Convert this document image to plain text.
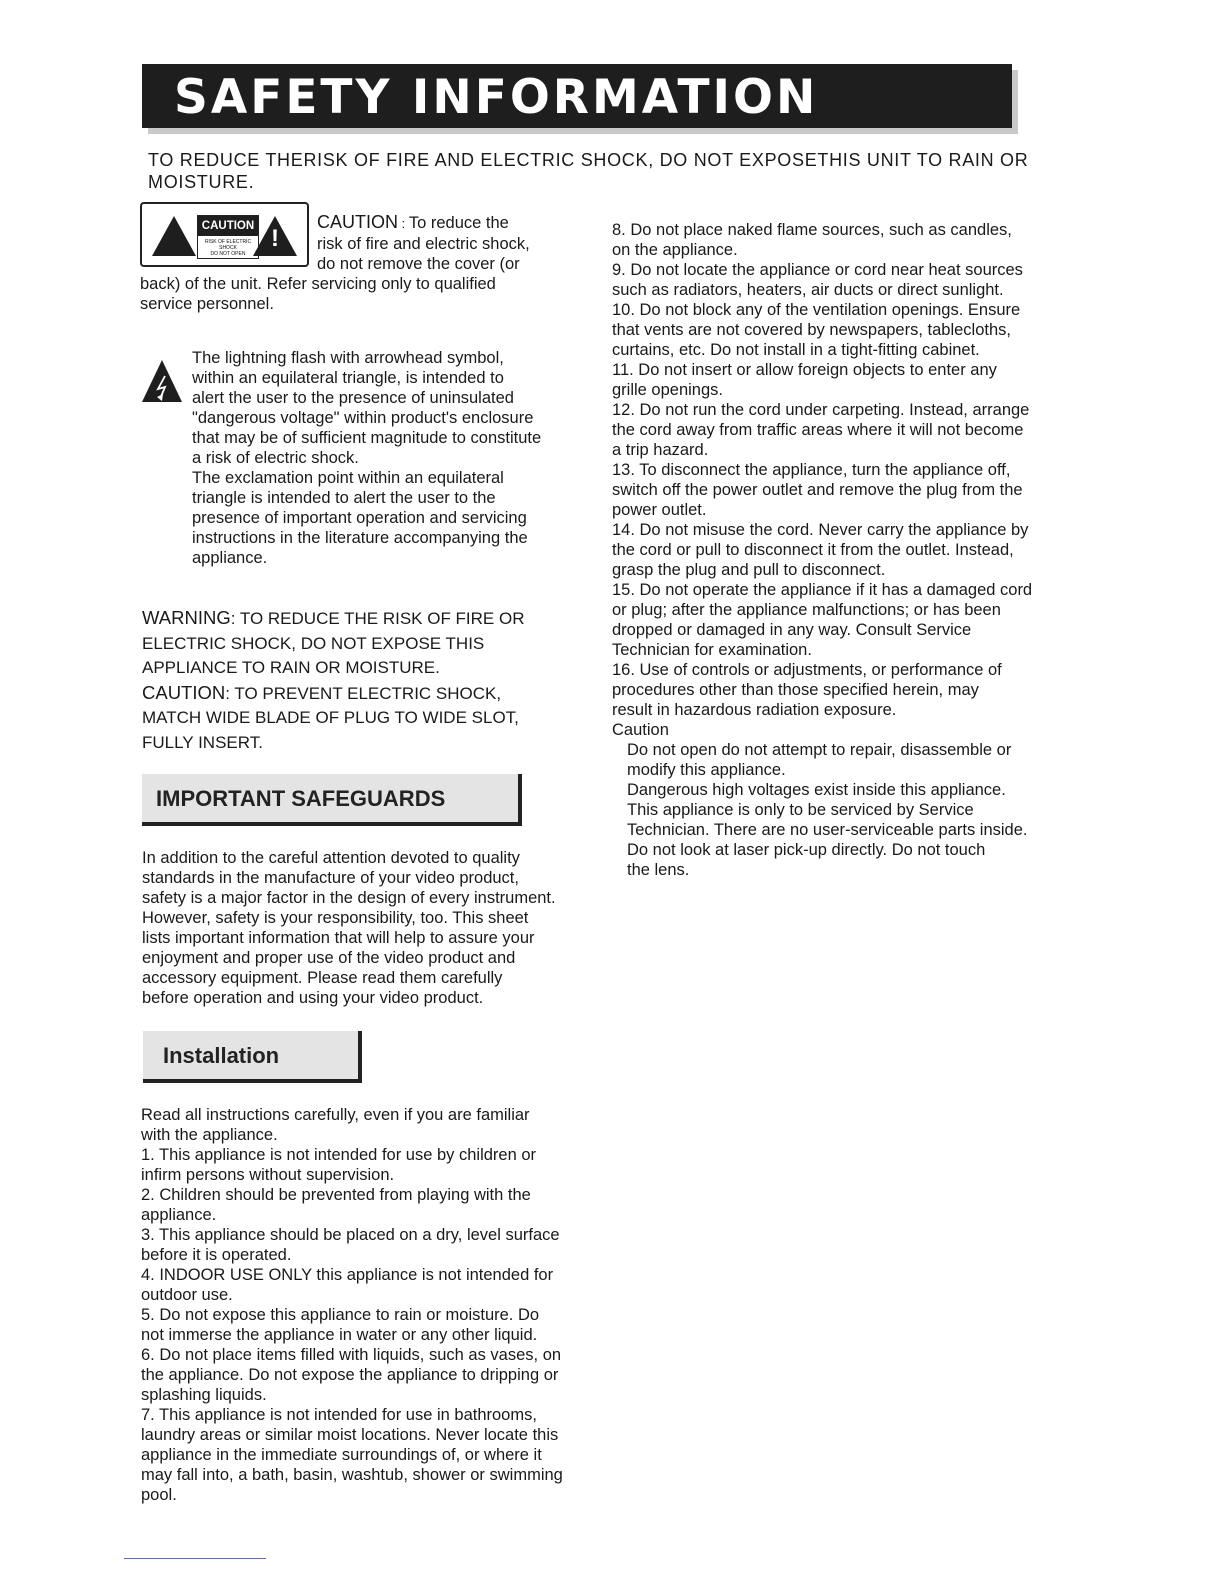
SAFETY INFORMATION
TO REDUCE THERISK OF FIRE AND ELECTRIC SHOCK, DO NOT EXPOSETHIS UNIT TO RAIN OR MOISTURE.
CAUTION
RISK OF ELECTRIC SHOCK
DO NOT OPEN
!
CAUTION : To reduce the
risk of fire and electric shock,
do not remove the cover (or
back) of the unit. Refer servicing only to qualified
service personnel.
The lightning flash with arrowhead symbol,
within an equilateral triangle, is intended to
alert the user to the presence of uninsulated
"dangerous voltage" within product's enclosure
that may be of sufficient magnitude to constitute
a risk of electric shock.
The exclamation point within an equilateral
triangle is intended to alert the user to the
presence of important operation and servicing
instructions in the literature accompanying the
appliance.
WARNING: TO REDUCE THE RISK OF FIRE OR
ELECTRIC SHOCK, DO NOT EXPOSE THIS
APPLIANCE TO RAIN OR MOISTURE.
CAUTION: TO PREVENT ELECTRIC SHOCK,
MATCH WIDE BLADE OF PLUG TO WIDE SLOT,
FULLY INSERT.
IMPORTANT SAFEGUARDS
In addition to the careful attention devoted to quality
standards in the manufacture of your video product,
safety is a major factor in the design of every instrument.
However, safety is your responsibility, too. This sheet
lists important information that will help to assure your
enjoyment and proper use of the video product and
accessory equipment. Please read them carefully
before operation and using your video product.
Installation
Read all instructions carefully, even if you are familiar
with the appliance.
1. This appliance is not intended for use by children or
infirm persons without supervision.
2. Children should be prevented from playing with the
appliance.
3. This appliance should be placed on a dry, level surface
before it is operated.
4. INDOOR USE ONLY this appliance is not intended for
outdoor use.
5. Do not expose this appliance to rain or moisture. Do
not immerse the appliance in water or any other liquid.
6. Do not place items filled with liquids, such as vases, on
the appliance. Do not expose the appliance to dripping or
splashing liquids.
7. This appliance is not intended for use in bathrooms,
laundry areas or similar moist locations. Never locate this
appliance in the immediate surroundings of, or where it
may fall into, a bath, basin, washtub, shower or swimming
pool.
8. Do not place naked flame sources, such as candles,
on the appliance.
9. Do not locate the appliance or cord near heat sources
such as radiators, heaters, air ducts or direct sunlight.
10. Do not block any of the ventilation openings. Ensure
that vents are not covered by newspapers, tablecloths,
curtains, etc. Do not install in a tight-fitting cabinet.
11. Do not insert or allow foreign objects to enter any
grille openings.
12. Do not run the cord under carpeting. Instead, arrange
the cord away from traffic areas where it will not become
a trip hazard.
13. To disconnect the appliance, turn the appliance off,
switch off the power outlet and remove the plug from the
power outlet.
14. Do not misuse the cord. Never carry the appliance by
the cord or pull to disconnect it from the outlet. Instead,
grasp the plug and pull to disconnect.
15. Do not operate the appliance if it has a damaged cord
or plug; after the appliance malfunctions; or has been
dropped or damaged in any way. Consult Service
Technician for examination.
16. Use of controls or adjustments, or performance of
procedures other than those specified herein, may
result in hazardous radiation exposure.
Caution
Do not open do not attempt to repair, disassemble or
modify this appliance.
Dangerous high voltages exist inside this appliance.
This appliance is only to be serviced by Service
Technician. There are no user-serviceable parts inside.
Do not look at laser pick-up directly. Do not touch
the lens.
